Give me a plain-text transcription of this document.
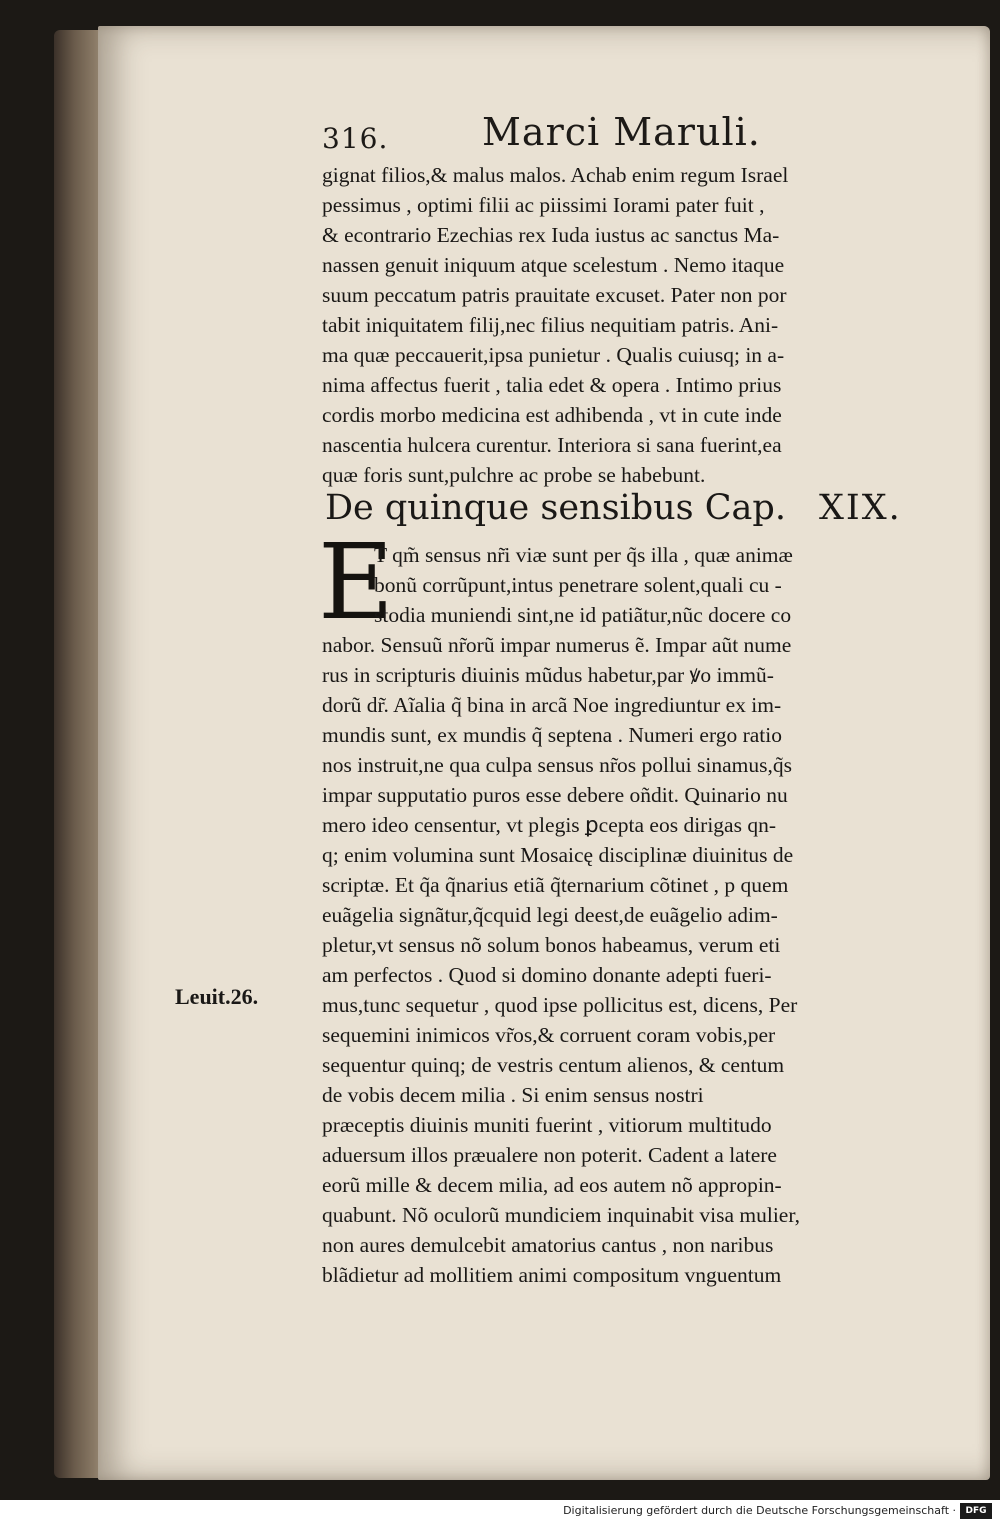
316. Marci Maruli.
gignat filios,& malus malos. Achab enim regum Israel
pessimus , optimi filii ac piissimi Iorami pater fuit ,
& econtrario Ezechias rex Iuda iustus ac sanctus Ma-
nassen genuit iniquum atque scelestum . Nemo itaque
suum peccatum patris prauitate excuset. Pater non por
tabit iniquitatem filij,nec filius nequitiam patris. Ani-
ma quæ peccauerit,ipsa punietur . Qualis cuiusq; in a-
nima affectus fuerit , talia edet & opera . Intimo prius
cordis morbo medicina est adhibenda , vt in cute inde
nascentia hulcera curentur. Interiora si sana fuerint,ea
quæ foris sunt,pulchre ac probe se habebunt.
De quinque sensibus Cap. XIX.
E
T qm̃ sensus nr̃i viæ sunt per q̃s illa , quæ animæ
bonũ corrũpunt,intus penetrare solent,quali cu -
stodia muniendi sint,ne id patiãtur,nũc docere co
nabor. Sensuũ nr̃orũ impar numerus ẽ. Impar aũt nume
rus in scripturis diuinis mũdus habetur,par ꝟo immũ-
dorũ dr̃. Aĩalia q̃ bina in arcã Noe ingrediuntur ex im-
mundis sunt, ex mundis q̃ septena . Numeri ergo ratio
nos instruit,ne qua culpa sensus nr̃os pollui sinamus,q̃s
impar supputatio puros esse debere oñdit. Quinario nu
mero ideo censentur, vt plegis ꝑcepta eos dirigas qn-
q; enim volumina sunt Mosaicę disciplinæ diuinitus de
scriptæ. Et q̃a q̃narius etiã q̃ternarium cõtinet , p quem
euãgelia signãtur,q̃cquid legi deest,de euãgelio adim-
pletur,vt sensus nõ solum bonos habeamus, verum eti
am perfectos . Quod si domino donante adepti fueri-
mus,tunc sequetur , quod ipse pollicitus est, dicens, Per
sequemini inimicos vr̃os,& corruent coram vobis,per
sequentur quinq; de vestris centum alienos, & centum
de vobis decem milia . Si enim sensus nostri
præceptis diuinis muniti fuerint , vitiorum multitudo
aduersum illos præualere non poterit. Cadent a latere
eorũ mille & decem milia, ad eos autem nõ appropin-
quabunt. Nõ oculorũ mundiciem inquinabit visa mulier,
non aures demulcebit amatorius cantus , non naribus
blãdietur ad mollitiem animi compositum vnguentum
Leuit.26.
Digitalisierung gefördert durch die Deutsche Forschungsgemeinschaft ·	DFG
